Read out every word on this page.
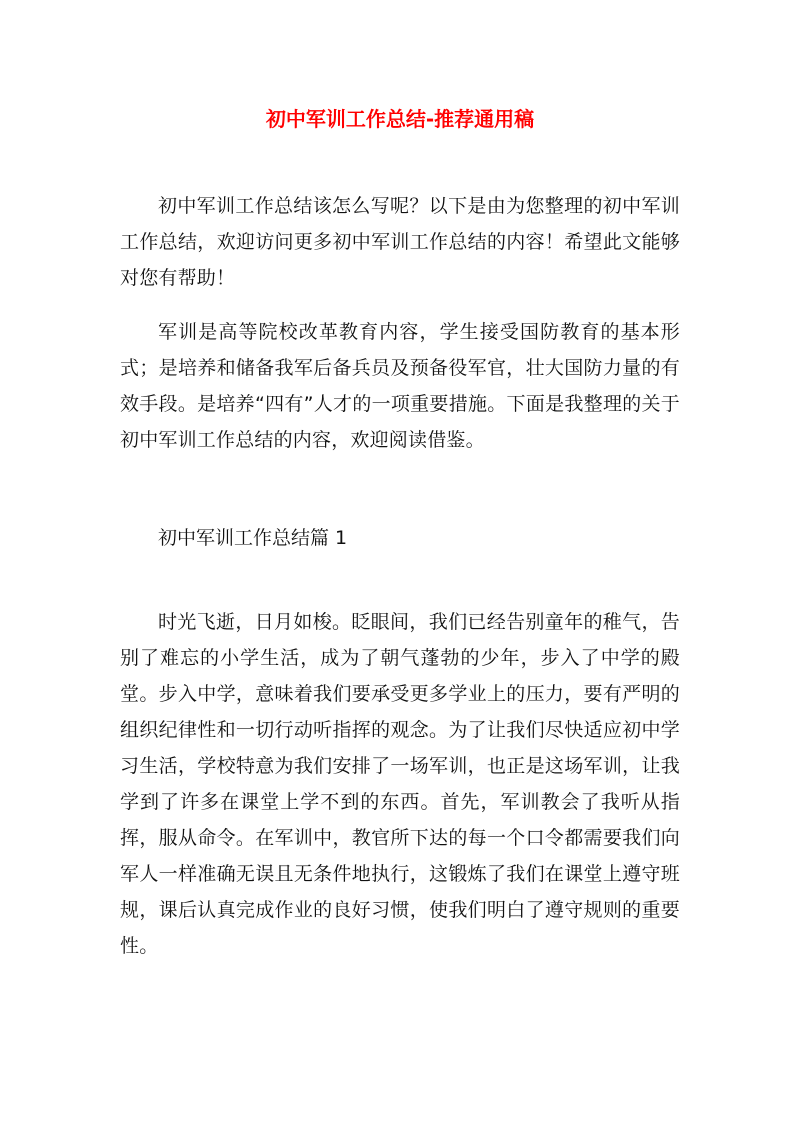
初中军训工作总结-推荐通用稿

初中军训工作总结该怎么写呢？以下是由为您整理的初中军训工作总结，欢迎访问更多初中军训工作总结的内容！希望此文能够对您有帮助！

军训是高等院校改革教育内容，学生接受国防教育的基本形式；是培养和储备我军后备兵员及预备役军官，壮大国防力量的有效手段。是培养“四有”人才的一项重要措施。下面是我整理的关于初中军训工作总结的内容，欢迎阅读借鉴。

初中军训工作总结篇 1

时光飞逝，日月如梭。眨眼间，我们已经告别童年的稚气，告别了难忘的小学生活，成为了朝气蓬勃的少年，步入了中学的殿堂。步入中学，意味着我们要承受更多学业上的压力，要有严明的组织纪律性和一切行动听指挥的观念。为了让我们尽快适应初中学习生活，学校特意为我们安排了一场军训，也正是这场军训，让我学到了许多在课堂上学不到的东西。首先，军训教会了我听从指挥，服从命令。在军训中，教官所下达的每一个口令都需要我们向军人一样准确无误且无条件地执行，这锻炼了我们在课堂上遵守班规，课后认真完成作业的良好习惯，使我们明白了遵守规则的重要性。
